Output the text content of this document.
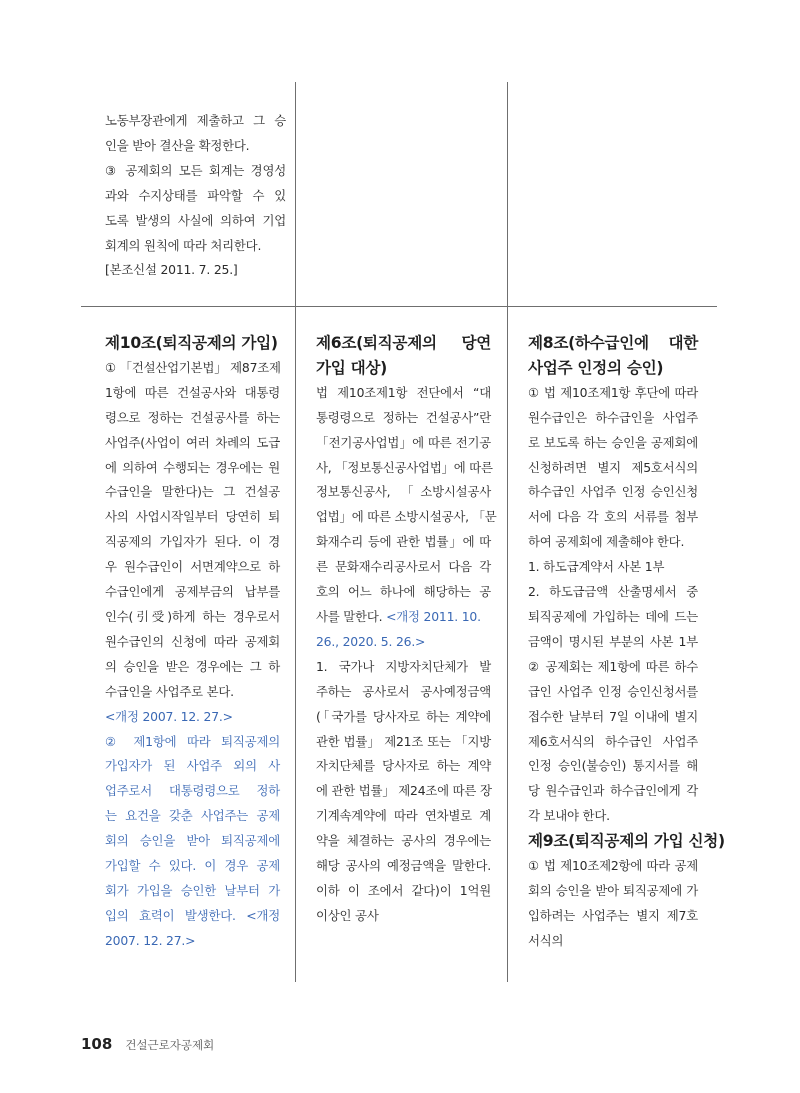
노동부장관에게 제출하고 그 승

인을 받아 결산을 확정한다.

③ 공제회의 모든 회계는 경영성

과와 수지상태를 파악할 수 있

도록 발생의 사실에 의하여 기업

회계의 원칙에 따라 처리한다.

[본조신설 2011. 7. 25.]

제10조(퇴직공제의 가입)

① 「건설산업기본법」 제87조제

1항에 따른 건설공사와 대통령

령으로 정하는 건설공사를 하는

사업주(사업이 여러 차례의 도급

에 의하여 수행되는 경우에는 원

수급인을 말한다)는 그 건설공

사의 사업시작일부터 당연히 퇴

직공제의 가입자가 된다. 이 경

우 원수급인이 서면계약으로 하

수급인에게 공제부금의 납부를

인수(引受)하게 하는 경우로서

원수급인의 신청에 따라 공제회

의 승인을 받은 경우에는 그 하

수급인을 사업주로 본다.

<개정 2007. 12. 27.>

② 제1항에 따라 퇴직공제의

가입자가 된 사업주 외의 사

업주로서 대통령령으로 정하

는 요건을 갖춘 사업주는 공제

회의 승인을 받아 퇴직공제에

가입할 수 있다. 이 경우 공제

회가 가입을 승인한 날부터 가

입의 효력이 발생한다. <개정

2007. 12. 27.>

제6조(퇴직공제의 당연
가입 대상)

법 제10조제1항 전단에서 “대

통령령으로 정하는 건설공사”란

「전기공사업법」에 따른 전기공

사, 「정보통신공사업법」에 따른

정보통신공사, 「소방시설공사

업법」에 따른 소방시설공사, 「문

화재수리 등에 관한 법률」에 따

른 문화재수리공사로서 다음 각

호의 어느 하나에 해당하는 공

사를 말한다. <개정 2011. 10.

26., 2020. 5. 26.>

1. 국가나 지방자치단체가 발

주하는 공사로서 공사예정금액

(「국가를 당사자로 하는 계약에

관한 법률」 제21조 또는 「지방

자치단체를 당사자로 하는 계약

에 관한 법률」 제24조에 따른 장

기계속계약에 따라 연차별로 계

약을 체결하는 공사의 경우에는

해당 공사의 예정금액을 말한다.

이하 이 조에서 같다)이 1억원

이상인 공사

제8조(하수급인에 대한
사업주 인정의 승인)

① 법 제10조제1항 후단에 따라

원수급인은 하수급인을 사업주

로 보도록 하는 승인을 공제회에

신청하려면 별지 제5호서식의

하수급인 사업주 인정 승인신청

서에 다음 각 호의 서류를 첨부

하여 공제회에 제출해야 한다.

1. 하도급계약서 사본 1부

2. 하도급금액 산출명세서 중

퇴직공제에 가입하는 데에 드는

금액이 명시된 부분의 사본 1부

② 공제회는 제1항에 따른 하수

급인 사업주 인정 승인신청서를

접수한 날부터 7일 이내에 별지

제6호서식의 하수급인 사업주

인정 승인(불승인) 통지서를 해

당 원수급인과 하수급인에게 각

각 보내야 한다.

제9조(퇴직공제의 가입 신청)

① 법 제10조제2항에 따라 공제

회의 승인을 받아 퇴직공제에 가

입하려는 사업주는 별지 제7호

서식의

108 건설근로자공제회
